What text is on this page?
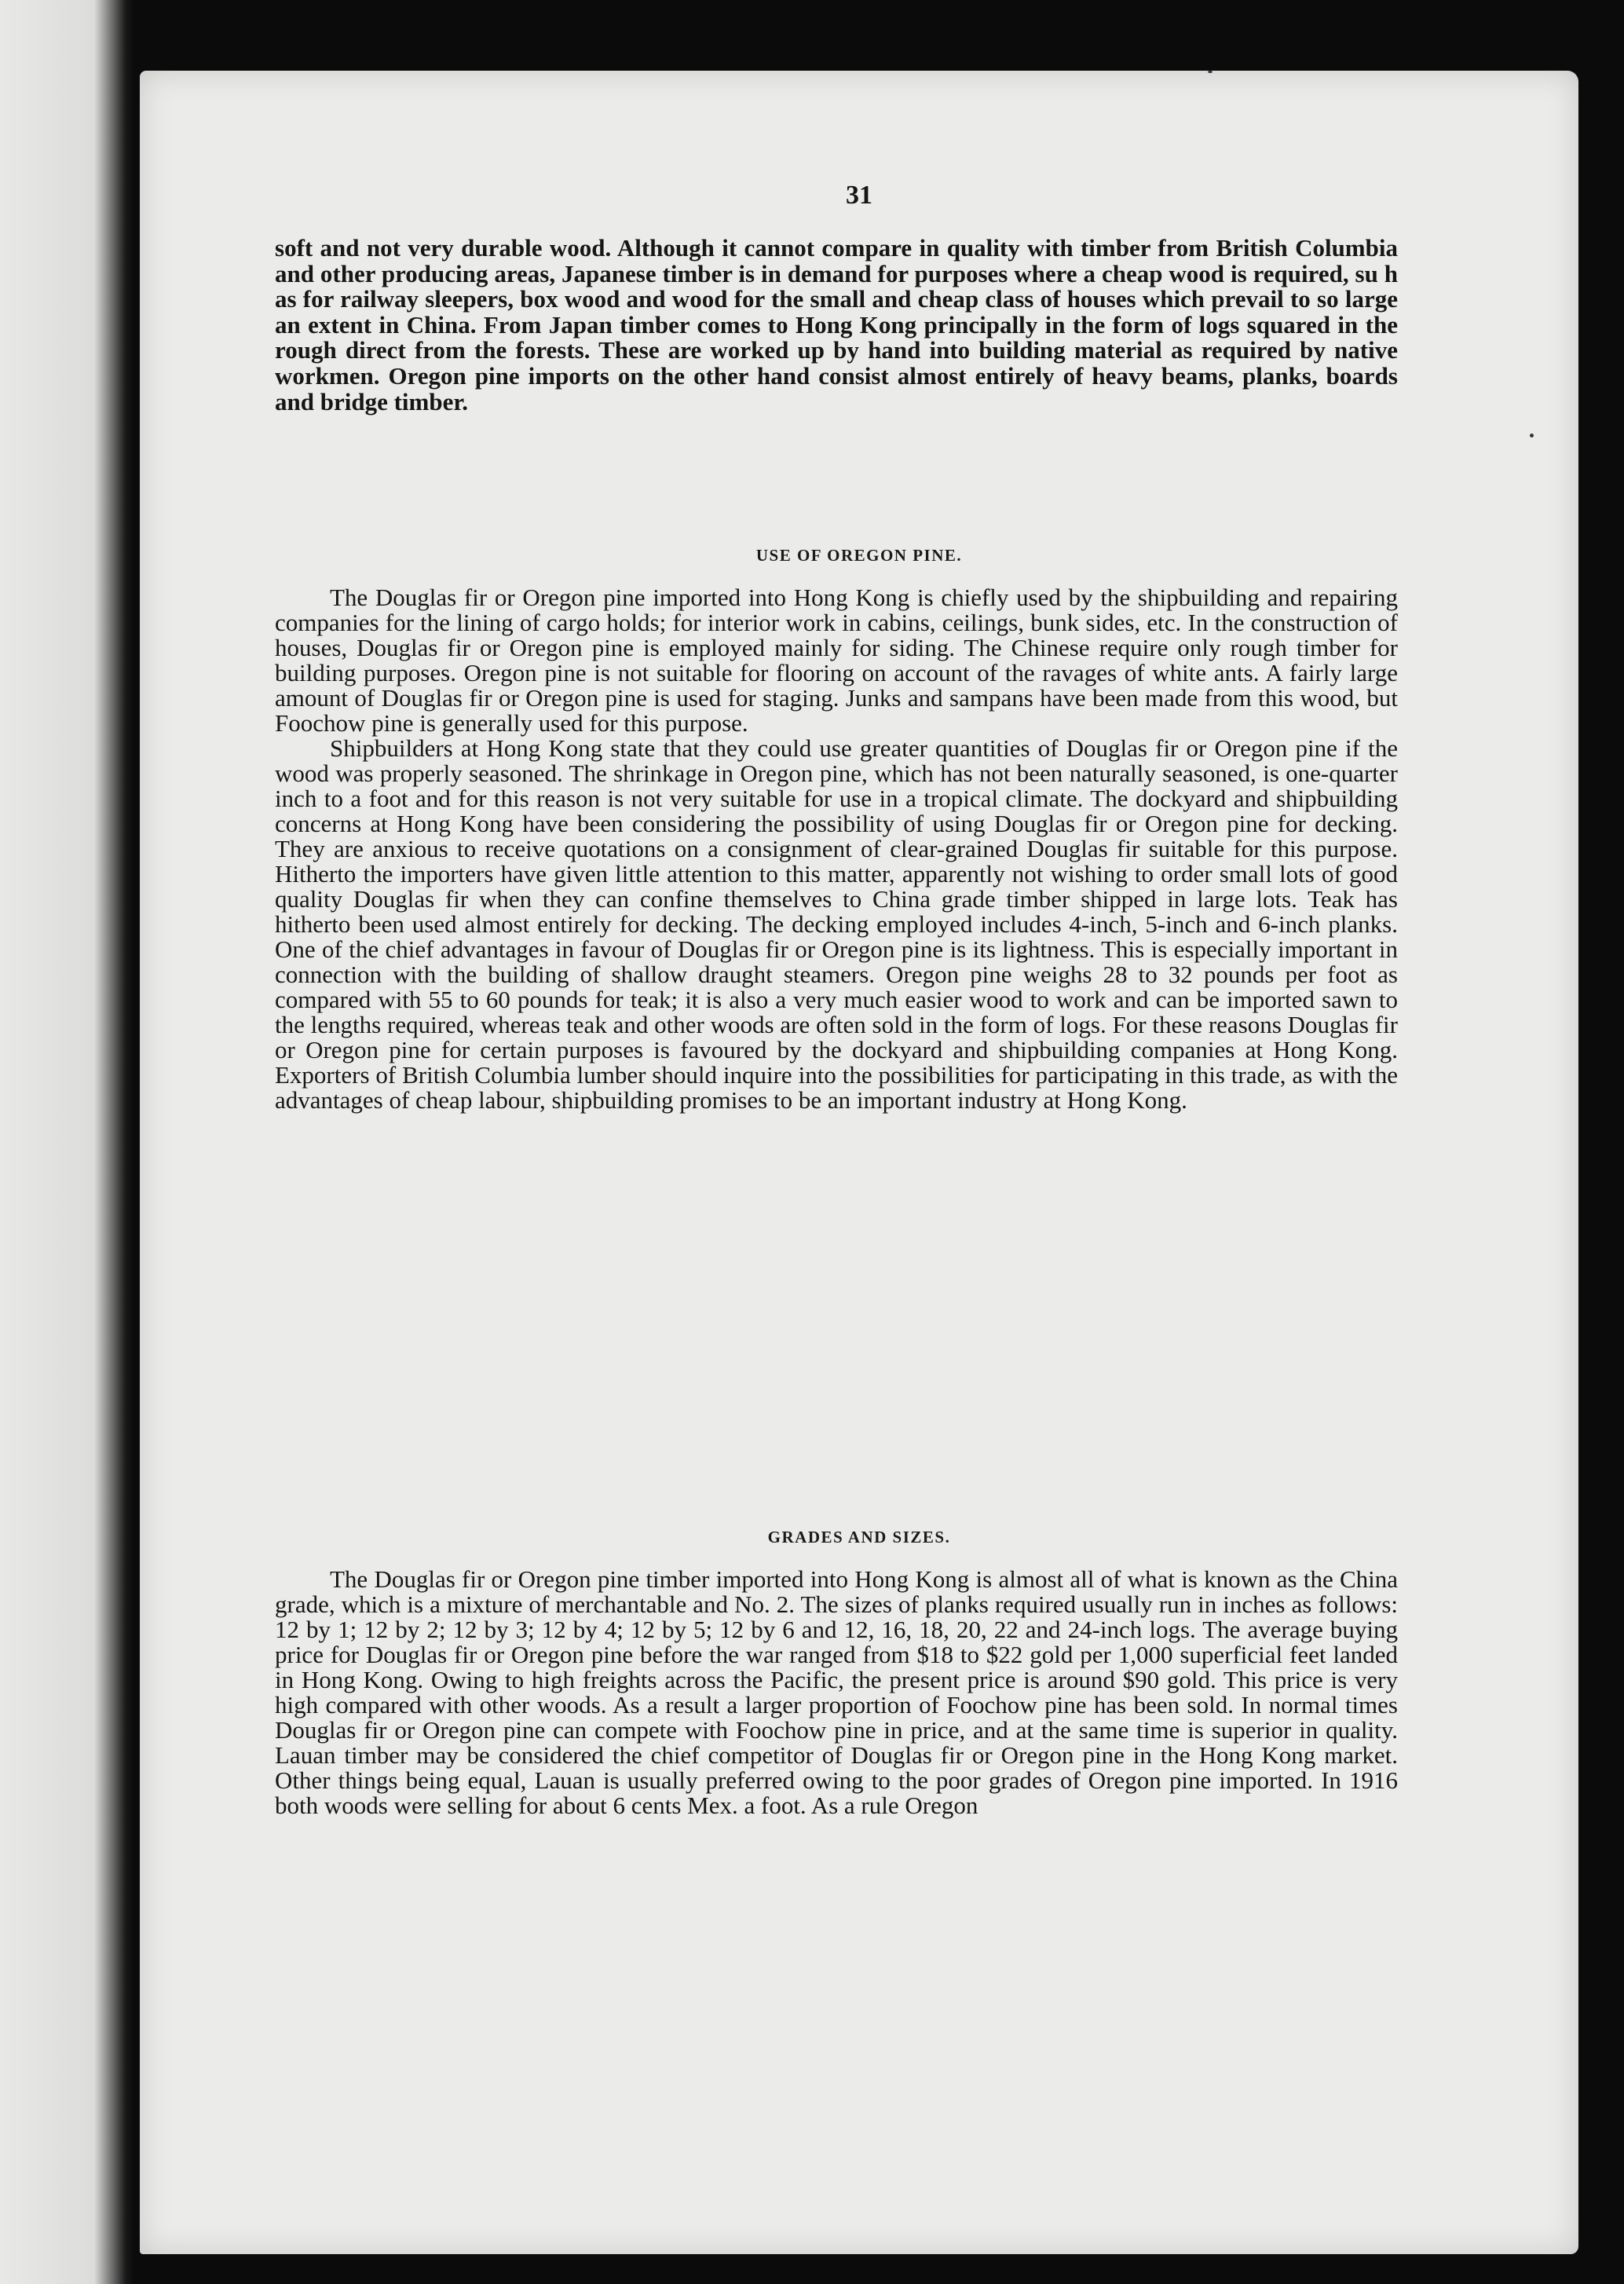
31

soft and not very durable wood. Although it cannot compare in quality with timber from British Columbia and other producing areas, Japanese timber is in demand for purposes where a cheap wood is required, su h as for railway sleepers, box wood and wood for the small and cheap class of houses which prevail to so large an extent in China. From Japan timber comes to Hong Kong principally in the form of logs squared in the rough direct from the forests. These are worked up by hand into building material as required by native workmen. Oregon pine imports on the other hand consist almost entirely of heavy beams, planks, boards and bridge timber.

USE OF OREGON PINE.

The Douglas fir or Oregon pine imported into Hong Kong is chiefly used by the shipbuilding and repairing companies for the lining of cargo holds; for interior work in cabins, ceilings, bunk sides, etc. In the construction of houses, Douglas fir or Oregon pine is employed mainly for siding. The Chinese require only rough timber for building purposes. Oregon pine is not suitable for flooring on account of the ravages of white ants. A fairly large amount of Douglas fir or Oregon pine is used for staging. Junks and sampans have been made from this wood, but Foochow pine is generally used for this purpose.

Shipbuilders at Hong Kong state that they could use greater quantities of Douglas fir or Oregon pine if the wood was properly seasoned. The shrinkage in Oregon pine, which has not been naturally seasoned, is one-quarter inch to a foot and for this reason is not very suitable for use in a tropical climate. The dockyard and shipbuilding concerns at Hong Kong have been considering the possibility of using Douglas fir or Oregon pine for decking. They are anxious to receive quotations on a consignment of clear-grained Douglas fir suitable for this purpose. Hitherto the importers have given little attention to this matter, apparently not wishing to order small lots of good quality Douglas fir when they can confine themselves to China grade timber shipped in large lots. Teak has hitherto been used almost entirely for decking. The decking employed includes 4-inch, 5-inch and 6-inch planks. One of the chief advantages in favour of Douglas fir or Oregon pine is its lightness. This is especially important in connection with the building of shallow draught steamers. Oregon pine weighs 28 to 32 pounds per foot as compared with 55 to 60 pounds for teak; it is also a very much easier wood to work and can be imported sawn to the lengths required, whereas teak and other woods are often sold in the form of logs. For these reasons Douglas fir or Oregon pine for certain purposes is favoured by the dockyard and shipbuilding companies at Hong Kong. Exporters of British Columbia lumber should inquire into the possibilities for participating in this trade, as with the advantages of cheap labour, shipbuilding promises to be an important industry at Hong Kong.

GRADES AND SIZES.

The Douglas fir or Oregon pine timber imported into Hong Kong is almost all of what is known as the China grade, which is a mixture of merchantable and No. 2. The sizes of planks required usually run in inches as follows: 12 by 1; 12 by 2; 12 by 3; 12 by 4; 12 by 5; 12 by 6 and 12, 16, 18, 20, 22 and 24-inch logs. The average buying price for Douglas fir or Oregon pine before the war ranged from $18 to $22 gold per 1,000 superficial feet landed in Hong Kong. Owing to high freights across the Pacific, the present price is around $90 gold. This price is very high compared with other woods. As a result a larger proportion of Foochow pine has been sold. In normal times Douglas fir or Oregon pine can compete with Foochow pine in price, and at the same time is superior in quality. Lauan timber may be considered the chief competitor of Douglas fir or Oregon pine in the Hong Kong market. Other things being equal, Lauan is usually preferred owing to the poor grades of Oregon pine imported. In 1916 both woods were selling for about 6 cents Mex. a foot. As a rule Oregon
